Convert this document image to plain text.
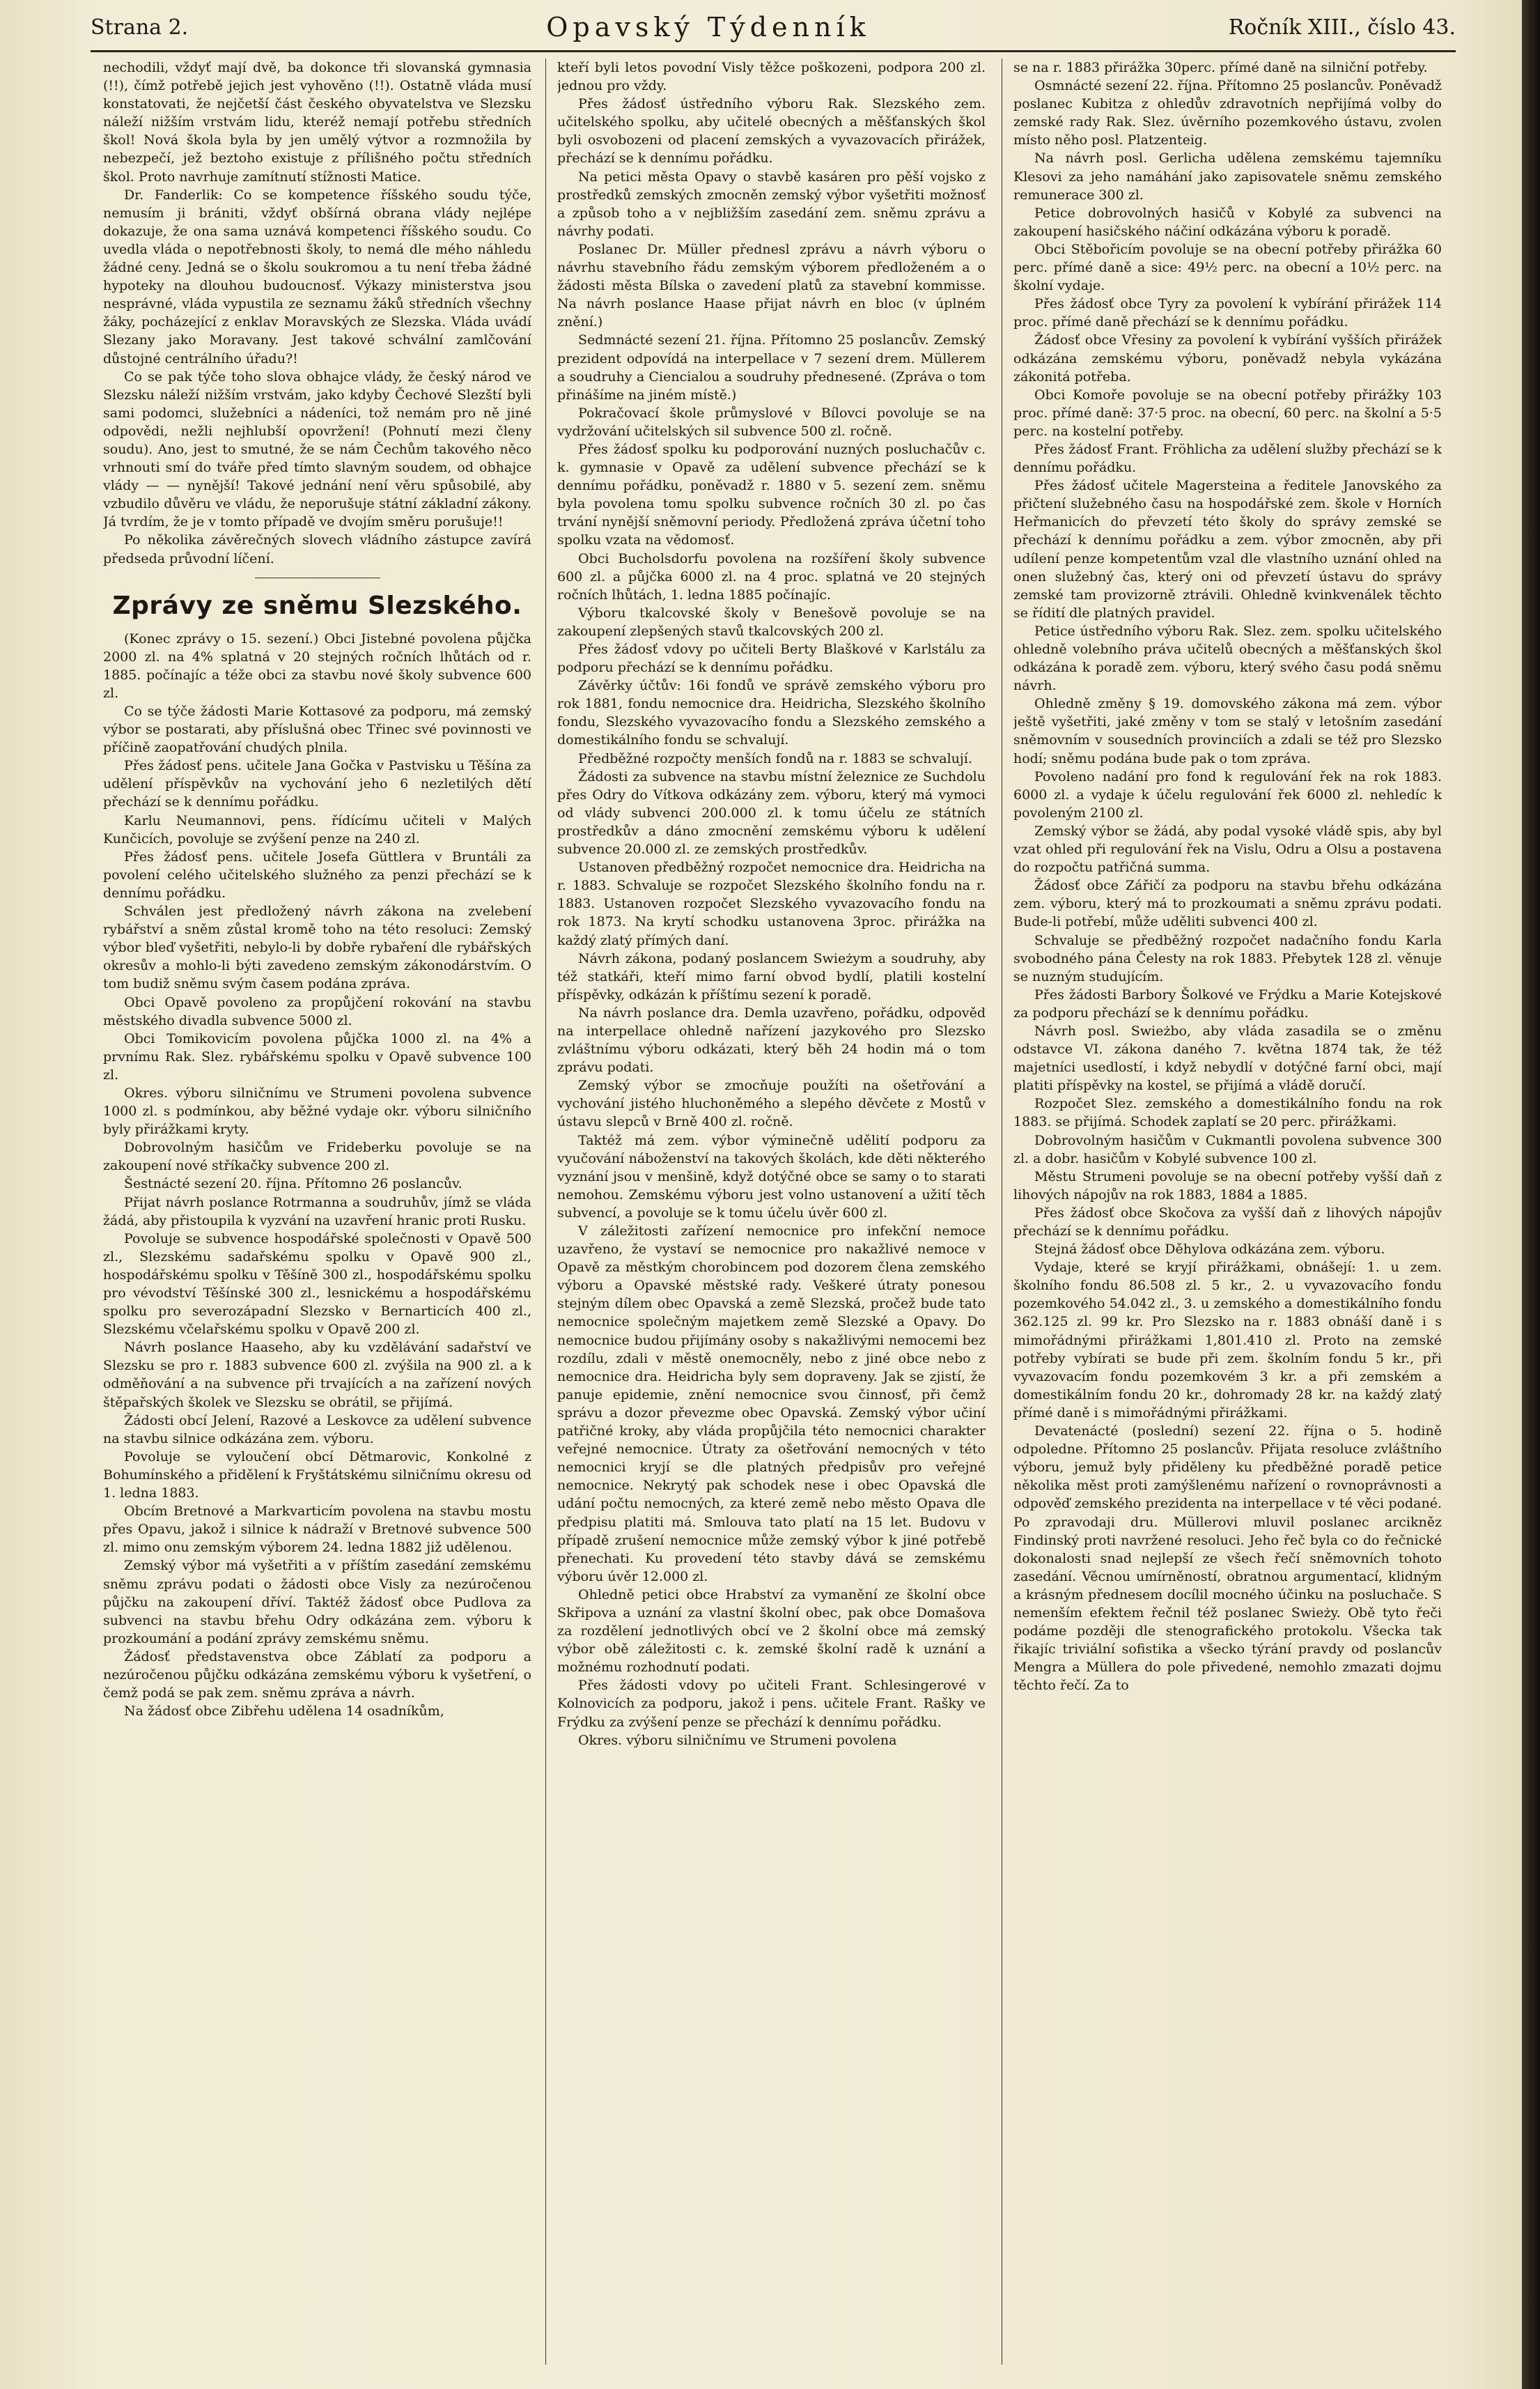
Strana 2.	Opavský Týdenník	Ročník XIII., číslo 43.

nechodili, vždyť mají dvě, ba dokonce tři slovanská gymnasia (!!), čímž potřebě jejich jest vyhověno (!!). Ostatně vláda musí konstatovati, že nejčetší část českého obyvatelstva ve Slezsku náleží nižším vrstvám lidu, kteréž nemají potřebu středních škol! Nová škola byla by jen umělý výtvor a rozmnožila by nebezpečí, jež beztoho existuje z přílišného počtu středních škol. Proto navrhuje zamítnutí stížnosti Matice.

Dr. Fanderlik: Co se kompetence říšského soudu týče, nemusím ji brániti, vždyť obšírná obrana vlády nejlépe dokazuje, že ona sama uznává kompetenci říšského soudu. Co uvedla vláda o nepotřebnosti školy, to nemá dle mého náhledu žádné ceny. Jedná se o školu soukromou a tu není třeba žádné hypoteky na dlouhou budoucnosť. Výkazy ministerstva jsou nesprávné, vláda vypustila ze seznamu žáků středních všechny žáky, pocházející z enklav Moravských ze Slezska. Vláda uvádí Slezany jako Moravany. Jest takové schvální zamlčování důstojné centrálního úřadu?!

Co se pak týče toho slova obhajce vlády, že český národ ve Slezsku náleží nižším vrstvám, jako kdyby Čechové Slezští byli sami podomci, služebníci a nádeníci, tož nemám pro ně jiné odpovědi, nežli nejhlubší opovržení! (Pohnutí mezi členy soudu). Ano, jest to smutné, že se nám Čechům takového něco vrhnouti smí do tváře před tímto slavným soudem, od obhajce vlády — — nynější! Takové jednání není věru spůsobilé, aby vzbudilo důvěru ve vládu, že neporušuje státní základní zákony. Já tvrdím, že je v tomto případě ve dvojím směru porušuje!!

Po několika závěrečných slovech vládního zástupce zavírá předseda průvodní líčení.

Zprávy ze sněmu Slezského.

(Konec zprávy o 15. sezení.) Obci Jistebné povolena půjčka 2000 zl. na 4% splatná v 20 stejných ročních lhůtách od r. 1885. počínajíc a téže obci za stavbu nové školy subvence 600 zl.

Co se týče žádosti Marie Kottasové za podporu, má zemský výbor se postarati, aby příslušná obec Třinec své povinnosti ve příčině zaopatřování chudých plnila.

Přes žádosť pens. učitele Jana Gočka v Pastvisku u Těšína za udělení příspěvkův na vychování jeho 6 nezletilých dětí přechází se k dennímu pořádku.

Karlu Neumannovi, pens. řídícímu učiteli v Malých Kunčicích, povoluje se zvýšení penze na 240 zl.

Přes žádosť pens. učitele Josefa Güttlera v Bruntáli za povolení celého učitelského služného za penzi přechází se k dennímu pořádku.

Schválen jest předložený návrh zákona na zvelebení rybářství a sněm zůstal kromě toho na této resoluci: Zemský výbor bleď vyšetřiti, nebylo-li by dobře rybaření dle rybářských okresův a mohlo-li býti zavedeno zemským zákonodárstvím. O tom budiž sněmu svým časem podána zpráva.

Obci Opavě povoleno za propůjčení rokování na stavbu městského divadla subvence 5000 zl.

Obci Tomikovicím povolena půjčka 1000 zl. na 4% a prvnímu Rak. Slez. rybářskému spolku v Opavě subvence 100 zl.

Okres. výboru silničnímu ve Strumeni povolena subvence 1000 zl. s podmínkou, aby běžné vydaje okr. výboru silničního byly přirážkami kryty.

Dobrovolným hasičům ve Frideberku povoluje se na zakoupení nové stříkačky subvence 200 zl.

Šestnácté sezení 20. října. Přítomno 26 poslancův.

Přijat návrh poslance Rotrmanna a soudruhův, jímž se vláda žádá, aby přistoupila k vyzvání na uzavření hranic proti Rusku.

Povoluje se subvence hospodářské společnosti v Opavě 500 zl., Slezskému sadařskému spolku v Opavě 900 zl., hospodářskému spolku v Těšíně 300 zl., hospodářskému spolku pro vévodství Těšínské 300 zl., lesnickému a hospodářskému spolku pro severozápadní Slezsko v Bernarticích 400 zl., Slezskému včelařskému spolku v Opavě 200 zl.

Návrh poslance Haaseho, aby ku vzdělávání sadařství ve Slezsku se pro r. 1883 subvence 600 zl. zvýšila na 900 zl. a k odměňování a na subvence při trvajících a na zařízení nových štěpařských školek ve Slezsku se obrátil, se přijímá.

Žádosti obcí Jelení, Razové a Leskovce za udělení subvence na stavbu silnice odkázána zem. výboru.

Povoluje se vyloučení obcí Dětmarovic, Konkolné z Bohumínského a přidělení k Fryštátskému silničnímu okresu od 1. ledna 1883.

Obcím Bretnové a Markvarticím povolena na stavbu mostu přes Opavu, jakož i silnice k nádraží v Bretnové subvence 500 zl. mimo onu zemským výborem 24. ledna 1882 již udělenou.

Zemský výbor má vyšetřiti a v příštím zasedání zemskému sněmu zprávu podati o žádosti obce Visly za nezúročenou půjčku na zakoupení dříví. Taktéž žádosť obce Pudlova za subvenci na stavbu břehu Odry odkázána zem. výboru k prozkoumání a podání zprávy zemskému sněmu.

Žádosť představenstva obce Záblatí za podporu a nezúročenou půjčku odkázána zemskému výboru k vyšetření, o čemž podá se pak zem. sněmu zpráva a návrh.

Na žádosť obce Zibřehu udělena 14 osadníkům,

kteří byli letos povodní Visly těžce poškozeni, podpora 200 zl. jednou pro vždy.

Přes žádosť ústředního výboru Rak. Slezského zem. učitelského spolku, aby učitelé obecných a měšťanských škol byli osvobozeni od placení zemských a vyvazovacích přirážek, přechází se k dennímu pořádku.

Na petici města Opavy o stavbě kasáren pro pěší vojsko z prostředků zemských zmocněn zemský výbor vyšetřiti možnosť a způsob toho a v nejbližším zasedání zem. sněmu zprávu a návrhy podati.

Poslanec Dr. Müller přednesl zprávu a návrh výboru o návrhu stavebního řádu zemským výborem předloženém a o žádosti města Bílska o zavedení platů za stavební kommisse. Na návrh poslance Haase přijat návrh en bloc (v úplném znění.)

Sedmnácté sezení 21. října. Přítomno 25 poslancův. Zemský prezident odpovídá na interpellace v 7 sezení drem. Müllerem a soudruhy a Ciencialou a soudruhy přednesené. (Zpráva o tom přinášíme na jiném místě.)

Pokračovací škole průmyslové v Bílovci povoluje se na vydržování učitelských sil subvence 500 zl. ročně.

Přes žádosť spolku ku podporování nuzných posluchačův c. k. gymnasie v Opavě za udělení subvence přechází se k dennímu pořádku, poněvadž r. 1880 v 5. sezení zem. sněmu byla povolena tomu spolku subvence ročních 30 zl. po čas trvání nynější sněmovní periody. Předložená zpráva účetní toho spolku vzata na vědomosť.

Obci Bucholsdorfu povolena na rozšíření školy subvence 600 zl. a půjčka 6000 zl. na 4 proc. splatná ve 20 stejných ročních lhůtách, 1. ledna 1885 počínajíc.

Výboru tkalcovské školy v Benešově povoluje se na zakoupení zlepšených stavů tkalcovských 200 zl.

Přes žádosť vdovy po učiteli Berty Blaškové v Karlstálu za podporu přechází se k dennímu pořádku.

Závěrky účtův: 16i fondů ve správě zemského výboru pro rok 1881, fondu nemocnice dra. Heidricha, Slezského školního fondu, Slezského vyvazovacího fondu a Slezského zemského a domestikálního fondu se schvalují.

Předběžné rozpočty menších fondů na r. 1883 se schvalují.

Žádosti za subvence na stavbu místní železnice ze Suchdolu přes Odry do Vítkova odkázány zem. výboru, který má vymoci od vlády subvenci 200.000 zl. k tomu účelu ze státních prostředkův a dáno zmocnění zemskému výboru k udělení subvence 20.000 zl. ze zemských prostředkův.

Ustanoven předběžný rozpočet nemocnice dra. Heidricha na r. 1883. Schvaluje se rozpočet Slezského školního fondu na r. 1883. Ustanoven rozpočet Slezského vyvazovacího fondu na rok 1873. Na krytí schodku ustanovena 3proc. přirážka na každý zlatý přímých daní.

Návrh zákona, podaný poslancem Swieżym a soudruhy, aby též statkáři, kteří mimo farní obvod bydlí, platili kostelní příspěvky, odkázán k příštímu sezení k poradě.

Na návrh poslance dra. Demla uzavřeno, pořádku, odpověď na interpellace ohledně nařízení jazykového pro Slezsko zvláštnímu výboru odkázati, který běh 24 hodin má o tom zprávu podati.

Zemský výbor se zmocňuje použíti na ošetřování a vychování jistého hluchoněmého a slepého děvčete z Mostů v ústavu slepců v Brně 400 zl. ročně.

Taktéž má zem. výbor výminečně udělití podporu za vyučování náboženství na takových školách, kde děti některého vyznání jsou v menšině, když dotýčné obce se samy o to starati nemohou. Zemskému výboru jest volno ustanovení a užití těch subvencí, a povoluje se k tomu účelu úvěr 600 zl.

V záležitosti zařízení nemocnice pro infekční nemoce uzavřeno, že vystaví se nemocnice pro nakažlivé nemoce v Opavě za městkým chorobincem pod dozorem člena zemského výboru a Opavské městské rady. Veškeré útraty ponesou stejným dílem obec Opavská a země Slezská, pročež bude tato nemocnice společným majetkem země Slezské a Opavy. Do nemocnice budou přijímány osoby s nakažlivými nemocemi bez rozdílu, zdali v městě onemocněly, nebo z jiné obce nebo z nemocnice dra. Heidricha byly sem dopraveny. Jak se zjistí, že panuje epidemie, znění nemocnice svou činnosť, při čemž správu a dozor převezme obec Opavská. Zemský výbor učiní patřičné kroky, aby vláda propůjčila této nemocnici charakter veřejné nemocnice. Útraty za ošetřování nemocných v této nemocnici kryjí se dle platných předpisův pro veřejné nemocnice. Nekrytý pak schodek nese i obec Opavská dle udání počtu nemocných, za které země nebo město Opava dle předpisu platiti má. Smlouva tato platí na 15 let. Budovu v případě zrušení nemocnice může zemský výbor k jiné potřebě přenechati. Ku provedení této stavby dává se zemskému výboru úvěr 12.000 zl.

Ohledně petici obce Hrabství za vymanění ze školní obce Skřipova a uznání za vlastní školní obec, pak obce Domašova za rozdělení jednotlivých obcí ve 2 školní obce má zemský výbor obě záležitosti c. k. zemské školní radě k uznání a možnému rozhodnutí podati.

Přes žádosti vdovy po učiteli Frant. Schlesingerové v Kolnovicích za podporu, jakož i pens. učitele Frant. Rašky ve Frýdku za zvýšení penze se přechází k dennímu pořádku.

Okres. výboru silničnímu ve Strumeni povolena

se na r. 1883 přirážka 30perc. přímé daně na silniční potřeby.

Osmnácté sezení 22. října. Přítomno 25 poslancův. Poněvadž poslanec Kubitza z ohledův zdravotních nepřijímá volby do zemské rady Rak. Slez. úvěrního pozemkového ústavu, zvolen místo něho posl. Platzenteig.

Na návrh posl. Gerlicha udělena zemskému tajemníku Klesovi za jeho namáhání jako zapisovatele sněmu zemského remunerace 300 zl.

Petice dobrovolných hasičů v Kobylé za subvenci na zakoupení hasičského náčiní odkázána výboru k poradě.

Obci Stěbořicím povoluje se na obecní potřeby přirážka 60 perc. přímé daně a sice: 49½ perc. na obecní a 10½ perc. na školní vydaje.

Přes žádosť obce Tyry za povolení k vybírání přirážek 114 proc. přímé daně přechází se k dennímu pořádku.

Žádosť obce Vřesiny za povolení k vybírání vyšších přirážek odkázána zemskému výboru, poněvadž nebyla vykázána zákonitá potřeba.

Obci Komoře povoluje se na obecní potřeby přirážky 103 proc. přímé daně: 37·5 proc. na obecní, 60 perc. na školní a 5·5 perc. na kostelní potřeby.

Přes žádosť Frant. Fröhlicha za udělení služby přechází se k dennímu pořádku.

Přes žádosť učitele Magersteina a ředitele Janovského za přičtení služebného času na hospodářské zem. škole v Horních Heřmanicích do převzetí této školy do správy zemské se přechází k dennímu pořádku a zem. výbor zmocněn, aby při udílení penze kompetentům vzal dle vlastního uznání ohled na onen služebný čas, který oni od převzetí ústavu do správy zemské tam provizorně ztrávili. Ohledně kvinkvenálek těchto se řídití dle platných pravidel.

Petice ústředního výboru Rak. Slez. zem. spolku učitelského ohledně volebního práva učitelů obecných a měšťanských škol odkázána k poradě zem. výboru, který svého času podá sněmu návrh.

Ohledně změny § 19. domovského zákona má zem. výbor ještě vyšetřiti, jaké změny v tom se stalý v letošním zasedání sněmovním v sousedních provinciích a zdali se též pro Slezsko hodí; sněmu podána bude pak o tom zpráva.

Povoleno nadání pro fond k regulování řek na rok 1883. 6000 zl. a vydaje k účelu regulování řek 6000 zl. nehledíc k povoleným 2100 zl.

Zemský výbor se žádá, aby podal vysoké vládě spis, aby byl vzat ohled při regulování řek na Vislu, Odru a Olsu a postavena do rozpočtu patřičná summa.

Žádosť obce Zářičí za podporu na stavbu břehu odkázána zem. výboru, který má to prozkoumati a sněmu zprávu podati. Bude-li potřebí, může uděliti subvenci 400 zl.

Schvaluje se předběžný rozpočet nadačního fondu Karla svobodného pána Čelesty na rok 1883. Přebytek 128 zl. věnuje se nuzným studujícím.

Přes žádosti Barbory Šolkové ve Frýdku a Marie Kotejskové za podporu přechází se k dennímu pořádku.

Návrh posl. Swieżbo, aby vláda zasadila se o změnu odstavce VI. zákona daného 7. května 1874 tak, že též majetníci usedlostí, i když nebydlí v dotýčné farní obci, mají platiti příspěvky na kostel, se přijímá a vládě doručí.

Rozpočet Slez. zemského a domestikálního fondu na rok 1883. se přijímá. Schodek zaplatí se 20 perc. přirážkami.

Dobrovolným hasičům v Cukmantli povolena subvence 300 zl. a dobr. hasičům v Kobylé subvence 100 zl.

Městu Strumeni povoluje se na obecní potřeby vyšší daň z lihových nápojův na rok 1883, 1884 a 1885.

Přes žádosť obce Skočova za vyšší daň z lihových nápojův přechází se k dennímu pořádku.

Stejná žádosť obce Děhylova odkázána zem. výboru.

Vydaje, které se kryjí přirážkami, obnášejí: 1. u zem. školního fondu 86.508 zl. 5 kr., 2. u vyvazovacího fondu pozemkového 54.042 zl., 3. u zemského a domestikálního fondu 362.125 zl. 99 kr. Pro Slezsko na r. 1883 obnáší daně i s mimořádnými přirážkami 1,801.410 zl. Proto na zemské potřeby vybírati se bude při zem. školním fondu 5 kr., při vyvazovacím fondu pozemkovém 3 kr. a při zemském a domestikálním fondu 20 kr., dohromady 28 kr. na každý zlatý přímé daně i s mimořádnými přirážkami.

Devatenácté (poslední) sezení 22. října o 5. hodině odpoledne. Přítomno 25 poslancův. Přijata resoluce zvláštního výboru, jemuž byly přiděleny ku předběžné poradě petice několika měst proti zamýšlenému nařízení o rovnoprávnosti a odpověď zemského prezidenta na interpellace v té věci podané. Po zpravodaji dru. Müllerovi mluvil poslanec arcikněz Findinský proti navržené resoluci. Jeho řeč byla co do řečnické dokonalosti snad nejlepší ze všech řečí sněmovních tohoto zasedání. Věcnou umírněností, obratnou argumentací, klidným a krásným přednesem docílil mocného účinku na posluchače. S nemenším efektem řečnil též poslanec Swieży. Obě tyto řeči podáme později dle stenografického protokolu. Všecka tak řikajíc triviální sofistika a všecko týrání pravdy od poslancův Mengra a Müllera do pole přivedené, nemohlo zmazati dojmu těchto řečí. Za to
